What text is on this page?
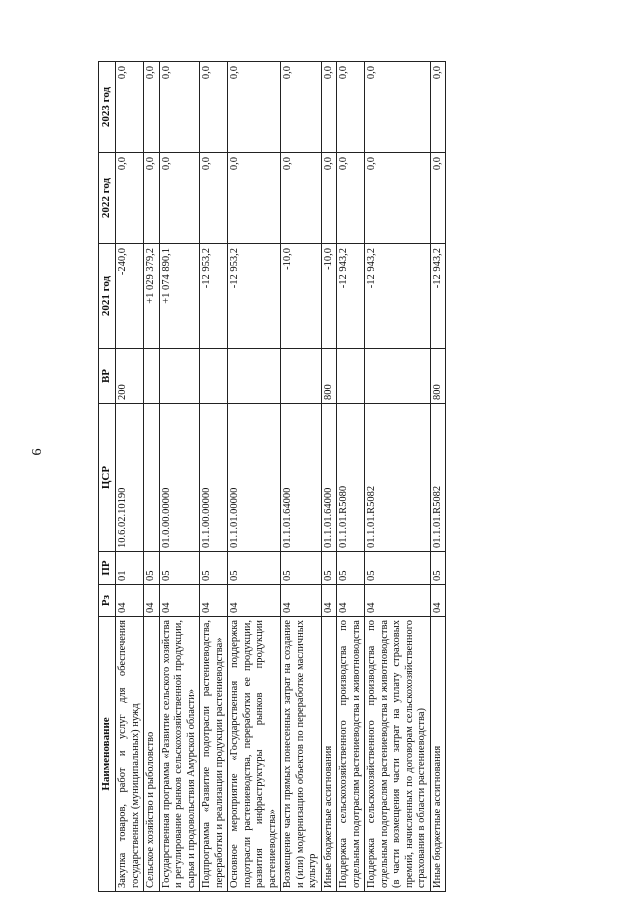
6
Наименование	Рз	ПР	ЦСР	ВР	2021 год	2022 год	2023 год
Закупка товаров, работ и услуг для обеспечения государственных (муниципальных) нужд	04	01	10.6.02.10190	200	-240,0	0,0	0,0
Сельское хозяйство и рыболовство	04	05			+1 029 379,2	0,0	0,0
Государственная программа «Развитие сельского хозяйства и регулирование рынков сельскохозяйственной продукции, сырья и продовольствия Амурской области»	04	05	01.0.00.00000		+1 074 890,1	0,0	0,0
Подпрограмма «Развитие подотрасли растениеводства, переработки и реализации продукции растениеводства»	04	05	01.1.00.00000		-12 953,2	0,0	0,0
Основное мероприятие «Государственная поддержка подотрасли растениеводства, переработки ее продукции, развития инфраструктуры рынков продукции растениеводства»	04	05	01.1.01.00000		-12 953,2	0,0	0,0
Возмещение части прямых понесенных затрат на создание и (или) модернизацию объектов по переработке масличных культур	04	05	01.1.01.64000		-10,0	0,0	0,0
Иные бюджетные ассигнования	04	05	01.1.01.64000	800	-10,0	0,0	0,0
Поддержка сельскохозяйственного производства по отдельным подотраслям растениеводства и животноводства	04	05	01.1.01.R5080		-12 943,2	0,0	0,0
Поддержка сельскохозяйственного производства по отдельным подотраслям растениеводства и животноводства (в части возмещения части затрат на уплату страховых премий, начисленных по договорам сельскохозяйственного страхования в области растениеводства)	04	05	01.1.01.R5082		-12 943,2	0,0	0,0
Иные бюджетные ассигнования	04	05	01.1.01.R5082	800	-12 943,2	0,0	0,0
